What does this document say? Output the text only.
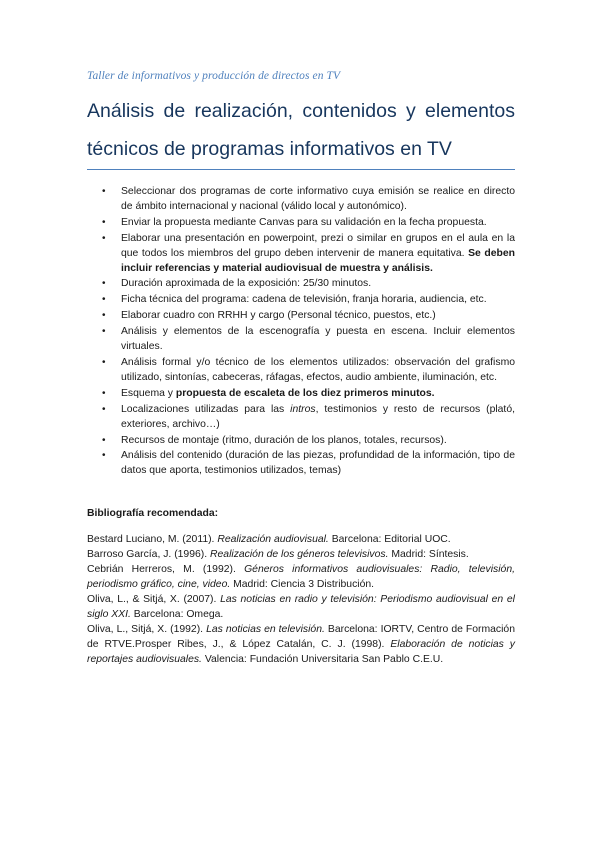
Taller de informativos y producción de directos en TV
Análisis de realización, contenidos y elementos técnicos de programas informativos en TV
• Seleccionar dos programas de corte informativo cuya emisión se realice en directo de ámbito internacional y nacional (válido local y autonómico).
• Enviar la propuesta mediante Canvas para su validación en la fecha propuesta.
• Elaborar una presentación en powerpoint, prezi o similar en grupos en el aula en la que todos los miembros del grupo deben intervenir de manera equitativa. Se deben incluir referencias y material audiovisual de muestra y análisis.
• Duración aproximada de la exposición: 25/30 minutos.
• Ficha técnica del programa: cadena de televisión, franja horaria, audiencia, etc.
• Elaborar cuadro con RRHH y cargo (Personal técnico, puestos, etc.)
• Análisis y elementos de la escenografía y puesta en escena. Incluir elementos virtuales.
• Análisis formal y/o técnico de los elementos utilizados: observación del grafismo utilizado, sintonías, cabeceras, ráfagas, efectos, audio ambiente, iluminación, etc.
• Esquema y propuesta de escaleta de los diez primeros minutos.
• Localizaciones utilizadas para las intros, testimonios y resto de recursos (plató, exteriores, archivo…)
• Recursos de montaje (ritmo, duración de los planos, totales, recursos).
• Análisis del contenido (duración de las piezas, profundidad de la información, tipo de datos que aporta, testimonios utilizados, temas)
Bibliografía recomendada:
Bestard Luciano, M. (2011). Realización audiovisual. Barcelona: Editorial UOC.
Barroso García, J. (1996). Realización de los géneros televisivos. Madrid: Síntesis.
Cebrián Herreros, M. (1992). Géneros informativos audiovisuales: Radio, televisión, periodismo gráfico, cine, video. Madrid: Ciencia 3 Distribución.
Oliva, L., & Sitjá, X. (2007). Las noticias en radio y televisión: Periodismo audiovisual en el siglo XXI. Barcelona: Omega.
Oliva, L., Sitjá, X. (1992). Las noticias en televisión. Barcelona: IORTV, Centro de Formación de RTVE.Prosper Ribes, J., & López Catalán, C. J. (1998). Elaboración de noticias y reportajes audiovisuales. Valencia: Fundación Universitaria San Pablo C.E.U.
